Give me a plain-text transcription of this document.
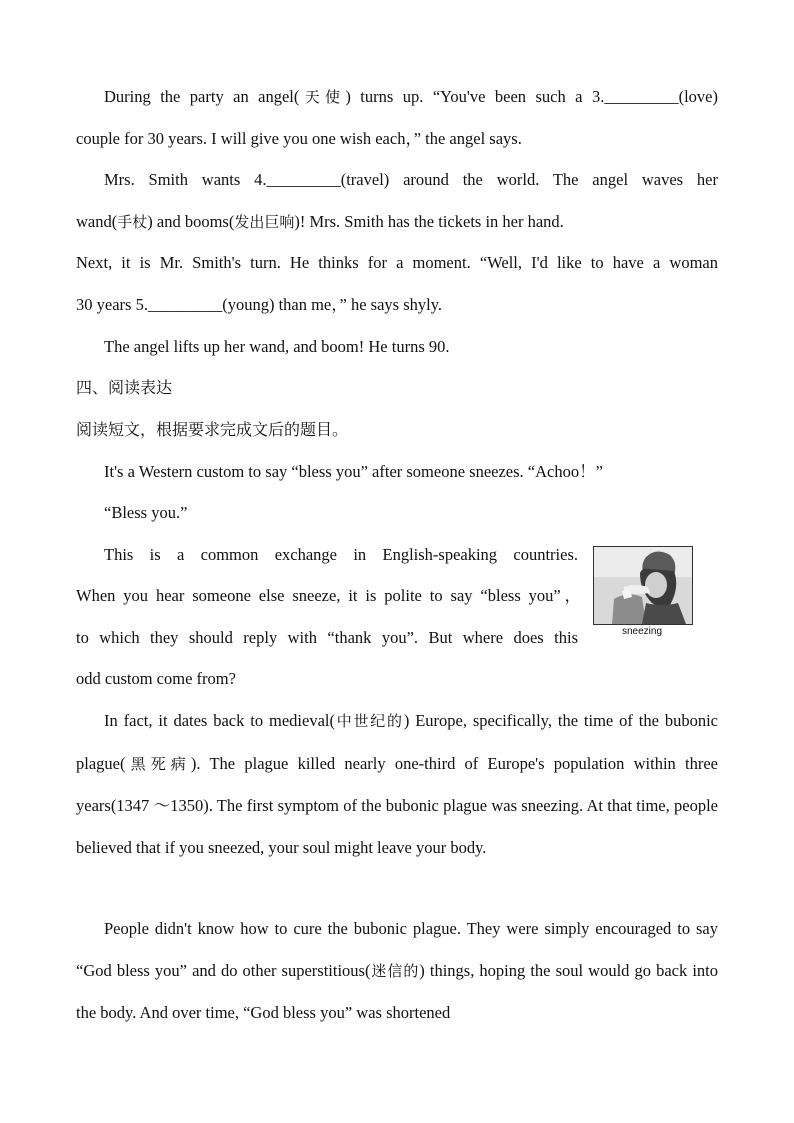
During the party an angel(天使) turns up. “You've been such a 3._________(love)
couple for 30 years. I will give you one wish each，” the angel says.
Mrs. Smith wants 4._________(travel) around the world. The angel waves her
wand(手杖) and booms(发出巨响)! Mrs. Smith has the tickets in her hand.
Next, it is Mr. Smith's turn. He thinks for a moment. “Well, I'd like to have a woman
30 years 5._________(young) than me，” he says shyly.
The angel lifts up her wand, and boom! He turns 90.
四、阅读表达
阅读短文，根据要求完成文后的题目。
It's a Western custom to say “bless you” after someone sneezes. “Achoo！”
“Bless you.”
This is a common exchange in English-speaking countries.
When you hear someone else sneeze, it is polite to say “bless you”，
to which they should reply with “thank you”. But where does this
odd custom come from?
sneezing
In fact, it dates back to medieval(中世纪的) Europe, specifically, the time of the bubonic plague(黑死病). The plague killed nearly one-third of Europe's population within three years(1347 ～1350). The first symptom of the bubonic plague was sneezing. At that time, people believed that if you sneezed, your soul might leave your body.
People didn't know how to cure the bubonic plague. They were simply encouraged to say “God bless you” and do other superstitious(迷信的) things, hoping the soul would go back into the body. And over time, “God bless you” was shortened
